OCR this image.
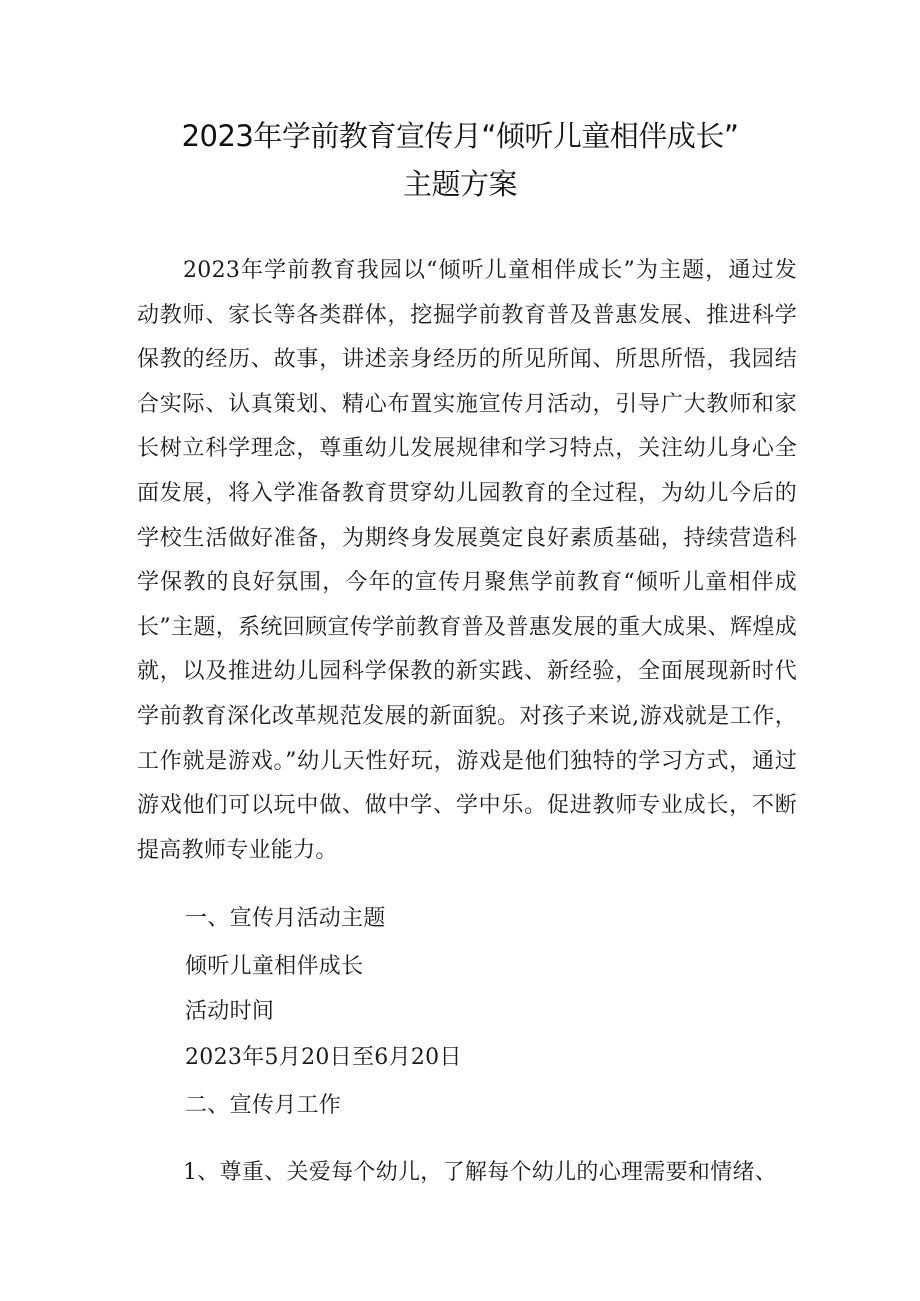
2023年学前教育宣传月“倾听儿童相伴成长”
主题方案

2023年学前教育我园以“倾听儿童相伴成长”为主题，通过发动教师、家长等各类群体，挖掘学前教育普及普惠发展、推进科学保教的经历、故事，讲述亲身经历的所见所闻、所思所悟，我园结合实际、认真策划、精心布置实施宣传月活动，引导广大教师和家长树立科学理念，尊重幼儿发展规律和学习特点，关注幼儿身心全面发展，将入学准备教育贯穿幼儿园教育的全过程，为幼儿今后的学校生活做好准备，为期终身发展奠定良好素质基础，持续营造科学保教的良好氛围，今年的宣传月聚焦学前教育“倾听儿童相伴成长”主题，系统回顾宣传学前教育普及普惠发展的重大成果、辉煌成就，以及推进幼儿园科学保教的新实践、新经验，全面展现新时代学前教育深化改革规范发展的新面貌。对孩子来说,游戏就是工作，工作就是游戏。”幼儿天性好玩，游戏是他们独特的学习方式，通过游戏他们可以玩中做、做中学、学中乐。促进教师专业成长，不断提高教师专业能力。

一、宣传月活动主题

倾听儿童相伴成长

活动时间

2023年5月20日至6月20日

二、宣传月工作

1、尊重、关爱每个幼儿，了解每个幼儿的心理需要和情绪、
